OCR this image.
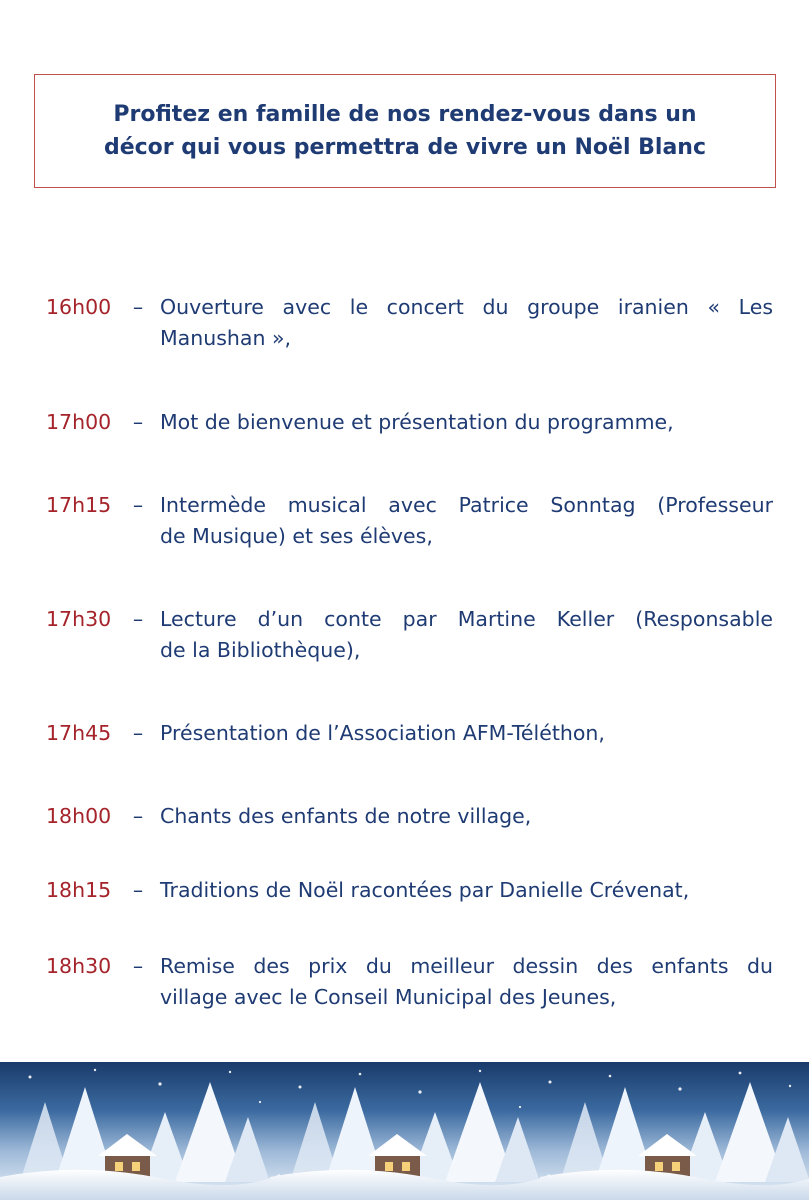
Profitez en famille de nos rendez-vous dans un
décor qui vous permettra de vivre un Noël Blanc
16h00	– Ouverture avec le concert du groupe iranien « Les
Manushan »,
17h00	– Mot de bienvenue et présentation du programme,
17h15	– Intermède musical avec Patrice Sonntag (Professeur
de Musique) et ses élèves,
17h30	– Lecture d’un conte par Martine Keller (Responsable
de la Bibliothèque),
17h45	– Présentation de l’Association AFM-Téléthon,
18h00	– Chants des enfants de notre village,
18h15	– Traditions de Noël racontées par Danielle Crévenat,
18h30	– Remise des prix du meilleur dessin des enfants du
village avec le Conseil Municipal des Jeunes,
